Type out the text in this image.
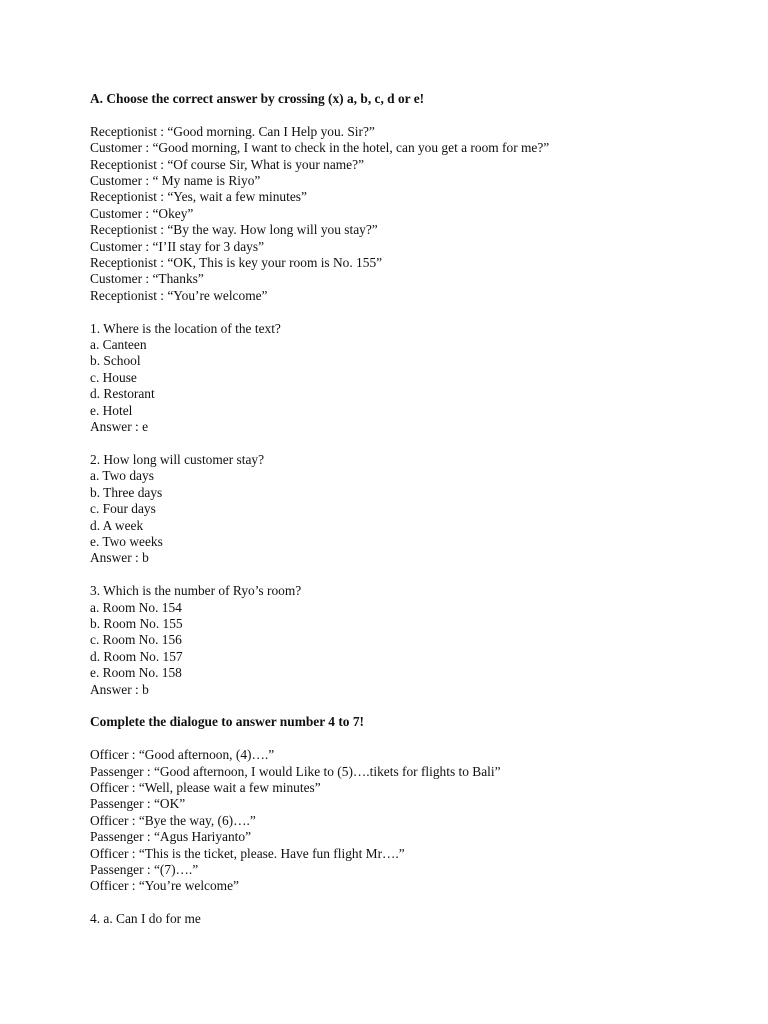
A. Choose the correct answer by crossing (x) a, b, c, d or e!

Receptionist : “Good morning. Can I Help you. Sir?”

Customer : “Good morning, I want to check in the hotel, can you get a room for me?”

Receptionist : “Of course Sir, What is your name?”

Customer : “ My name is Riyo”

Receptionist : “Yes, wait a few minutes”

Customer : “Okey”

Receptionist : “By the way. How long will you stay?”

Customer : “I’II stay for 3 days”

Receptionist : “OK, This is key your room is No. 155”

Customer : “Thanks”

Receptionist : “You’re welcome”

1. Where is the location of the text?

a. Canteen

b. School

c. House

d. Restorant

e. Hotel

Answer : e

2. How long will customer stay?

a. Two days

b. Three days

c. Four days

d. A week

e. Two weeks

Answer : b

3. Which is the number of Ryo’s room?

a. Room No. 154

b. Room No. 155

c. Room No. 156

d. Room No. 157

e. Room No. 158

Answer : b

Complete the dialogue to answer number 4 to 7!

Officer : “Good afternoon, (4)….”

Passenger : “Good afternoon, I would Like to (5)….tikets for flights to Bali”

Officer : “Well, please wait a few minutes”

Passenger : “OK”

Officer : “Bye the way, (6)….”

Passenger : “Agus Hariyanto”

Officer : “This is the ticket, please. Have fun flight Mr….”

Passenger : “(7)….”

Officer : “You’re welcome”

4. a. Can I do for me
